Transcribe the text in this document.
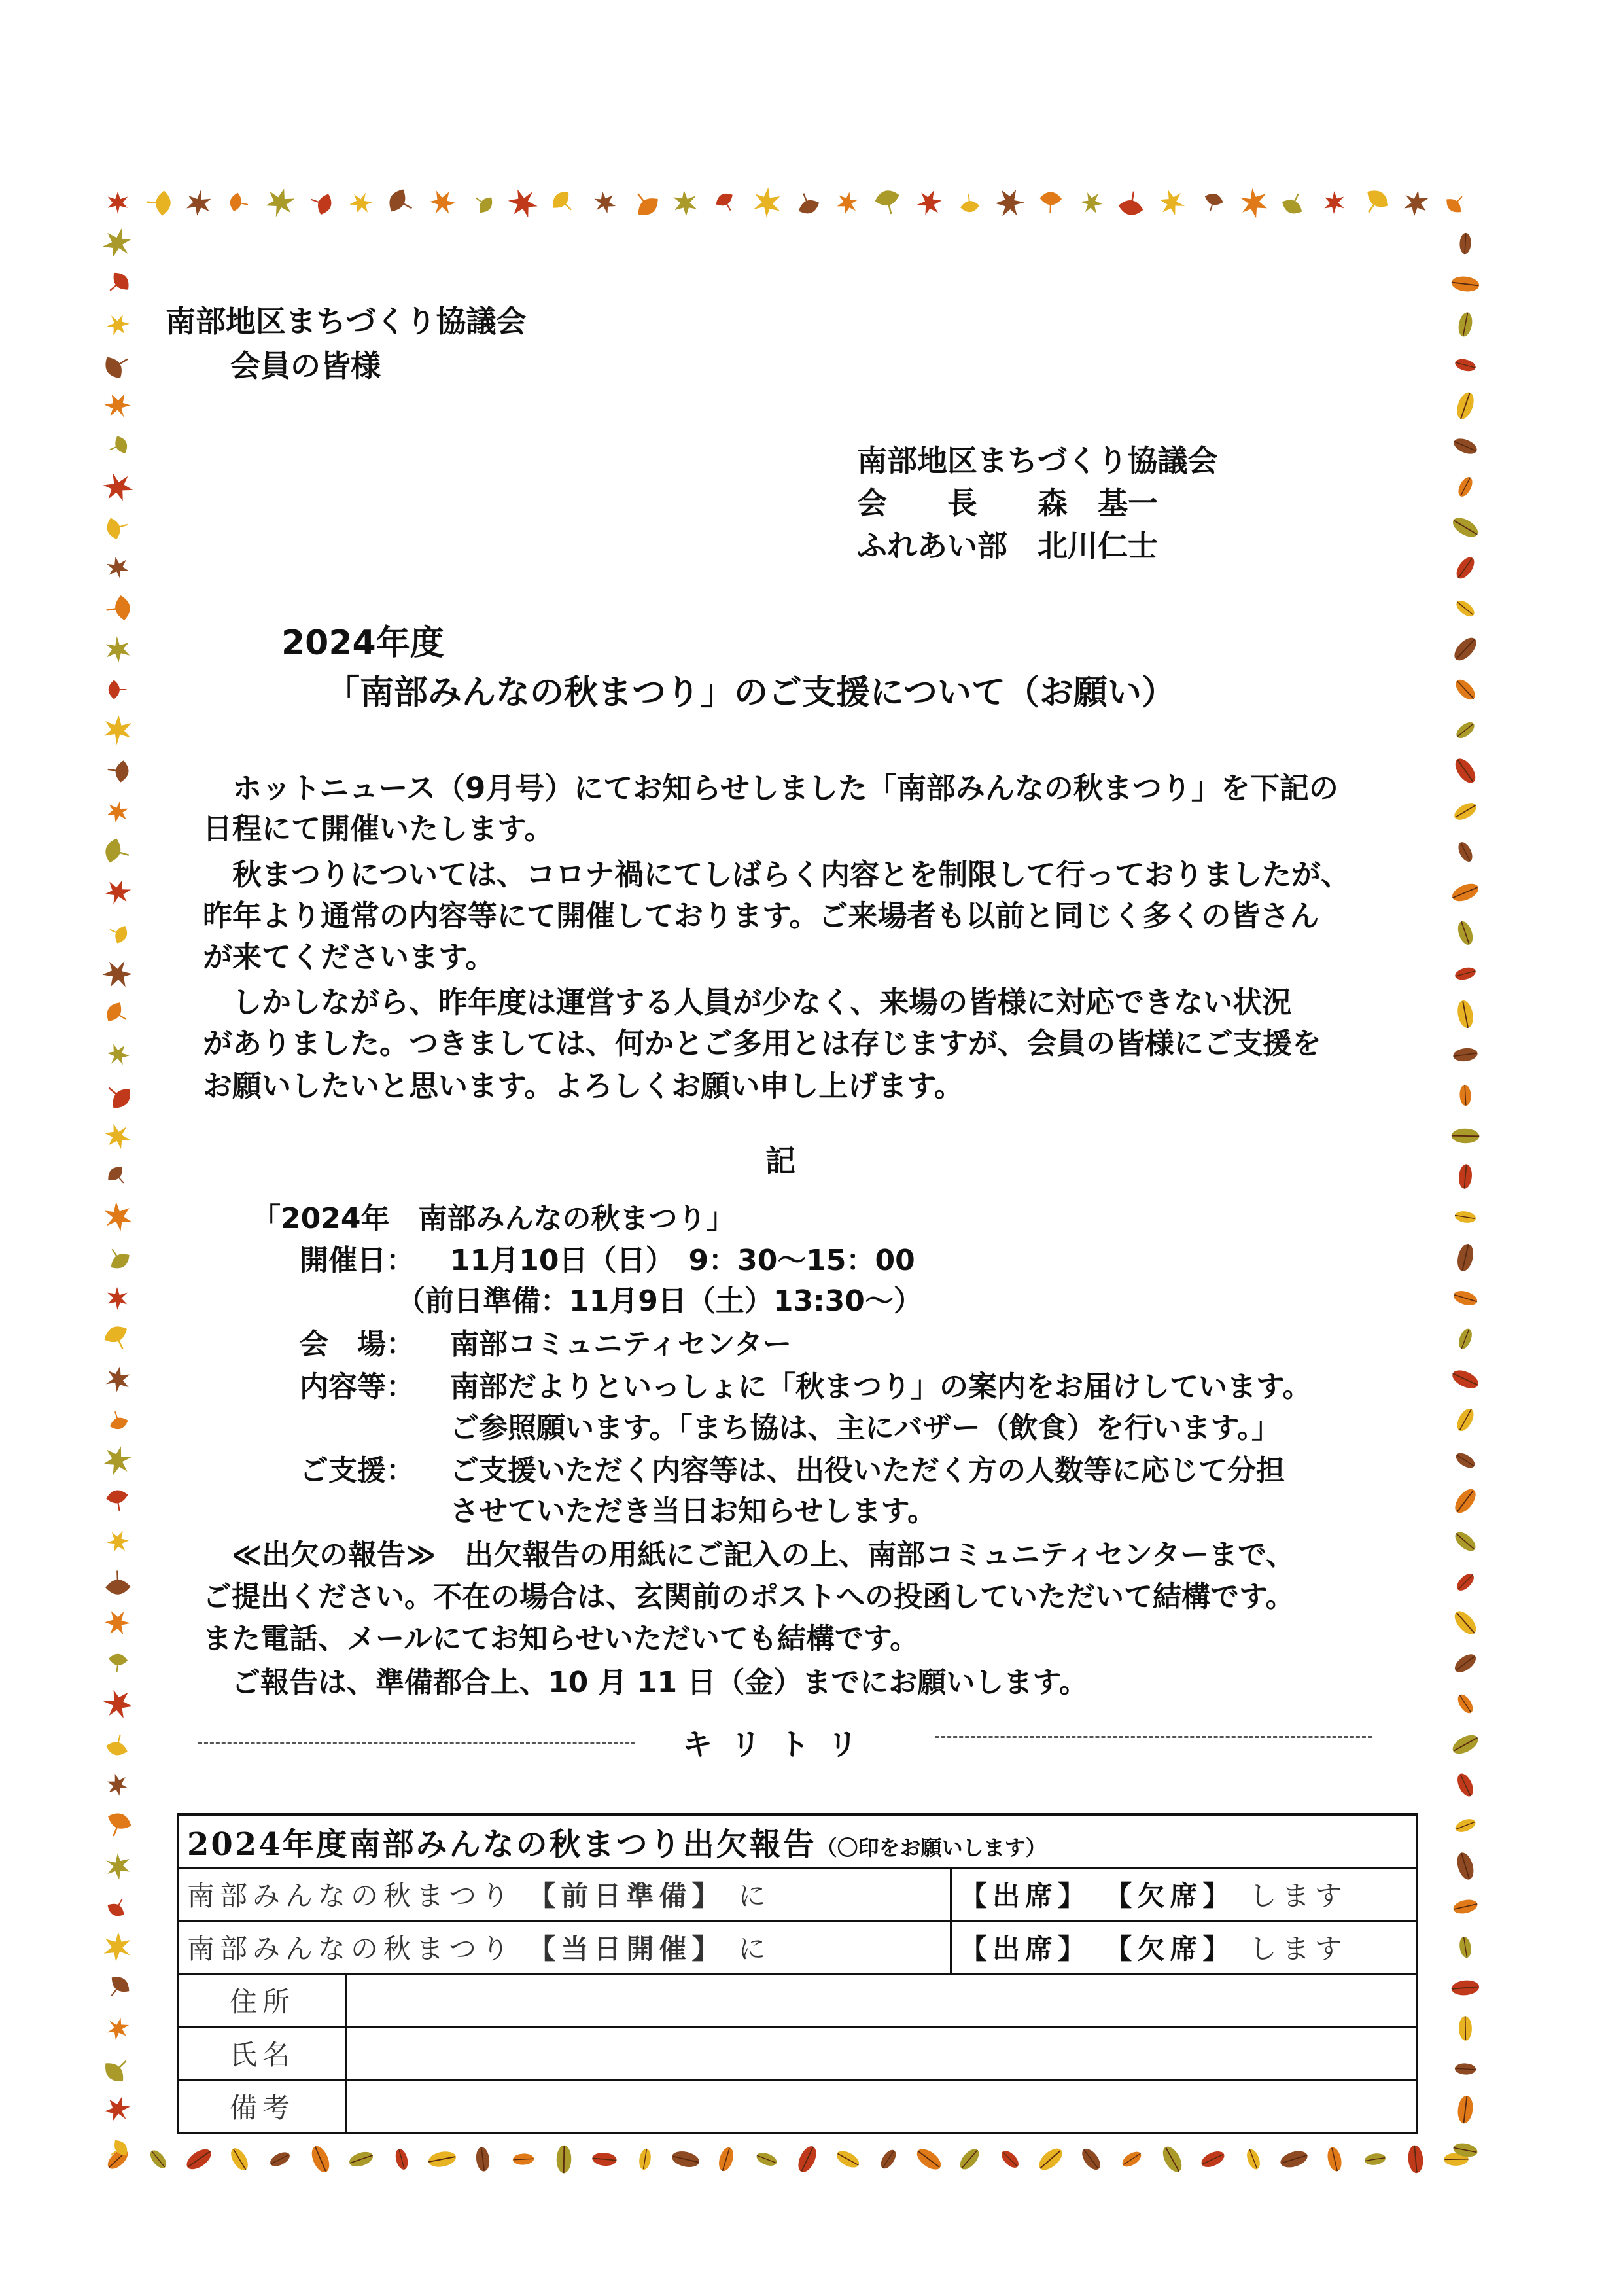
南部地区まちづくり協議会
会員の皆様
南部地区まちづくり協議会
会　　長　　森　基一
ふれあい部　北川仁士
2024年度
「南部みんなの秋まつり」のご支援について（お願い）
　ホットニュース（9月号）にてお知らせしました「南部みんなの秋まつり」を下記の
日程にて開催いたします。
　秋まつりについては、コロナ禍にてしばらく内容とを制限して行っておりましたが、
昨年より通常の内容等にて開催しております。ご来場者も以前と同じく多くの皆さん
が来てくださいます。
　しかしながら、昨年度は運営する人員が少なく、来場の皆様に対応できない状況
がありました。つきましては、何かとご多用とは存じますが、会員の皆様にご支援を
お願いしたいと思います。よろしくお願い申し上げます。
記
「2024年　南部みんなの秋まつり」
開催日： 11月10日（日）　9：30～15：00
（前日準備：11月9日（土）13:30～）
会　場： 南部コミュニティセンター
内容等： 南部だよりといっしょに「秋まつり」の案内をお届けしています。
ご参照願います。「まち協は、主にバザー（飲食）を行います。」
ご支援： ご支援いただく内容等は、出役いただく方の人数等に応じて分担
させていただき当日お知らせします。
　≪出欠の報告≫　出欠報告の用紙にご記入の上、南部コミュニティセンターまで、
ご提出ください。不在の場合は、玄関前のポストへの投函していただいて結構です。
また電話、メールにてお知らせいただいても結構です。
　ご報告は、準備都合上、10 月 11 日（金）までにお願いします。
キリトリ
2024年度南部みんなの秋まつり出欠報告（〇印をお願いします）		
南部みんなの秋まつり 【前日準備】 に		【出席】 【欠席】 します
南部みんなの秋まつり 【当日開催】 に		【出席】 【欠席】 します
住所		
氏名		
備考		
